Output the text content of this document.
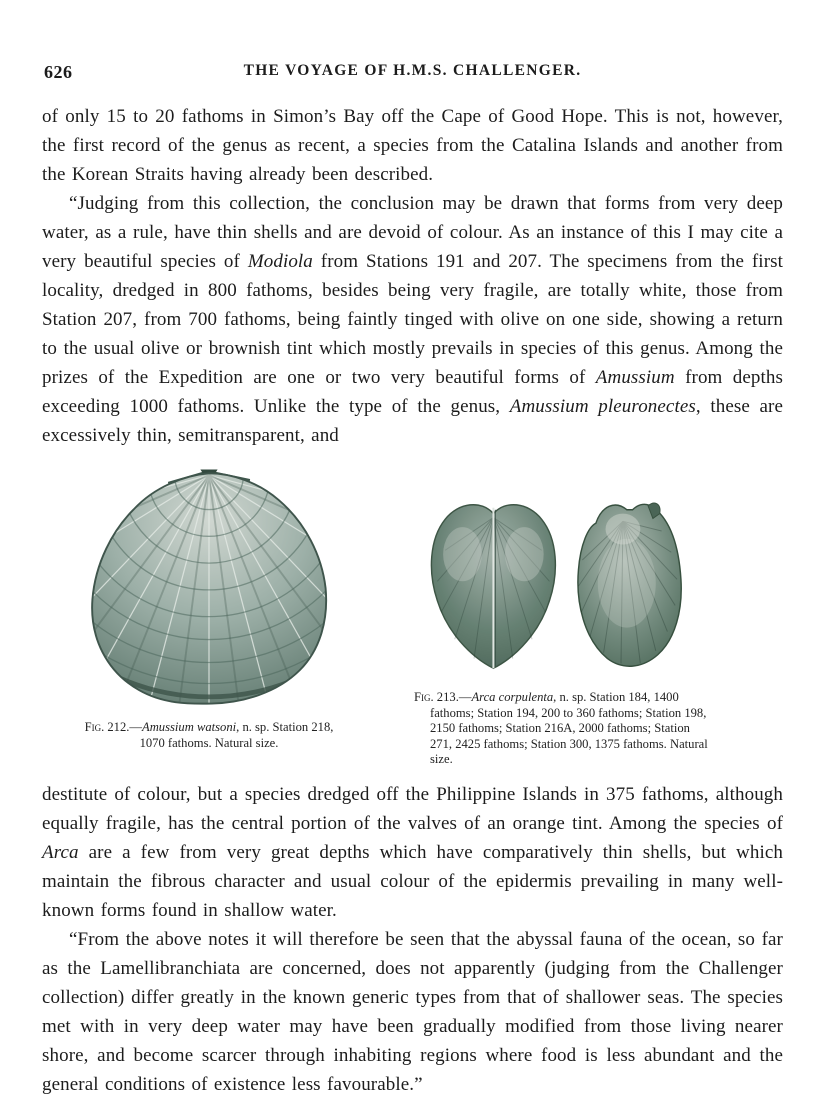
626	THE VOYAGE OF H.M.S. CHALLENGER.

of only 15 to 20 fathoms in Simon’s Bay off the Cape of Good Hope. This is not, however, the first record of the genus as recent, a species from the Catalina Islands and another from the Korean Straits having already been described.

“Judging from this collection, the conclusion may be drawn that forms from very deep water, as a rule, have thin shells and are devoid of colour. As an instance of this I may cite a very beautiful species of Modiola from Stations 191 and 207. The specimens from the first locality, dredged in 800 fathoms, besides being very fragile, are totally white, those from Station 207, from 700 fathoms, being faintly tinged with olive on one side, showing a return to the usual olive or brownish tint which mostly prevails in species of this genus. Among the prizes of the Expedition are one or two very beautiful forms of Amussium from depths exceeding 1000 fathoms. Unlike the type of the genus, Amussium pleuronectes, these are excessively thin, semitransparent, and

Fig. 212.—Amussium watsoni, n. sp. Station 218, 1070 fathoms. Natural size.
Fig. 213.—Arca corpulenta, n. sp. Station 184, 1400 fathoms; Station 194, 200 to 360 fathoms; Station 198, 2150 fathoms; Station 216A, 2000 fathoms; Station 271, 2425 fathoms; Station 300, 1375 fathoms. Natural size.

destitute of colour, but a species dredged off the Philippine Islands in 375 fathoms, although equally fragile, has the central portion of the valves of an orange tint. Among the species of Arca are a few from very great depths which have comparatively thin shells, but which maintain the fibrous character and usual colour of the epidermis prevailing in many well-known forms found in shallow water.

“From the above notes it will therefore be seen that the abyssal fauna of the ocean, so far as the Lamellibranchiata are concerned, does not apparently (judging from the Challenger collection) differ greatly in the known generic types from that of shallower seas. The species met with in very deep water may have been gradually modified from those living nearer shore, and become scarcer through inhabiting regions where food is less abundant and the general conditions of existence less favourable.”
